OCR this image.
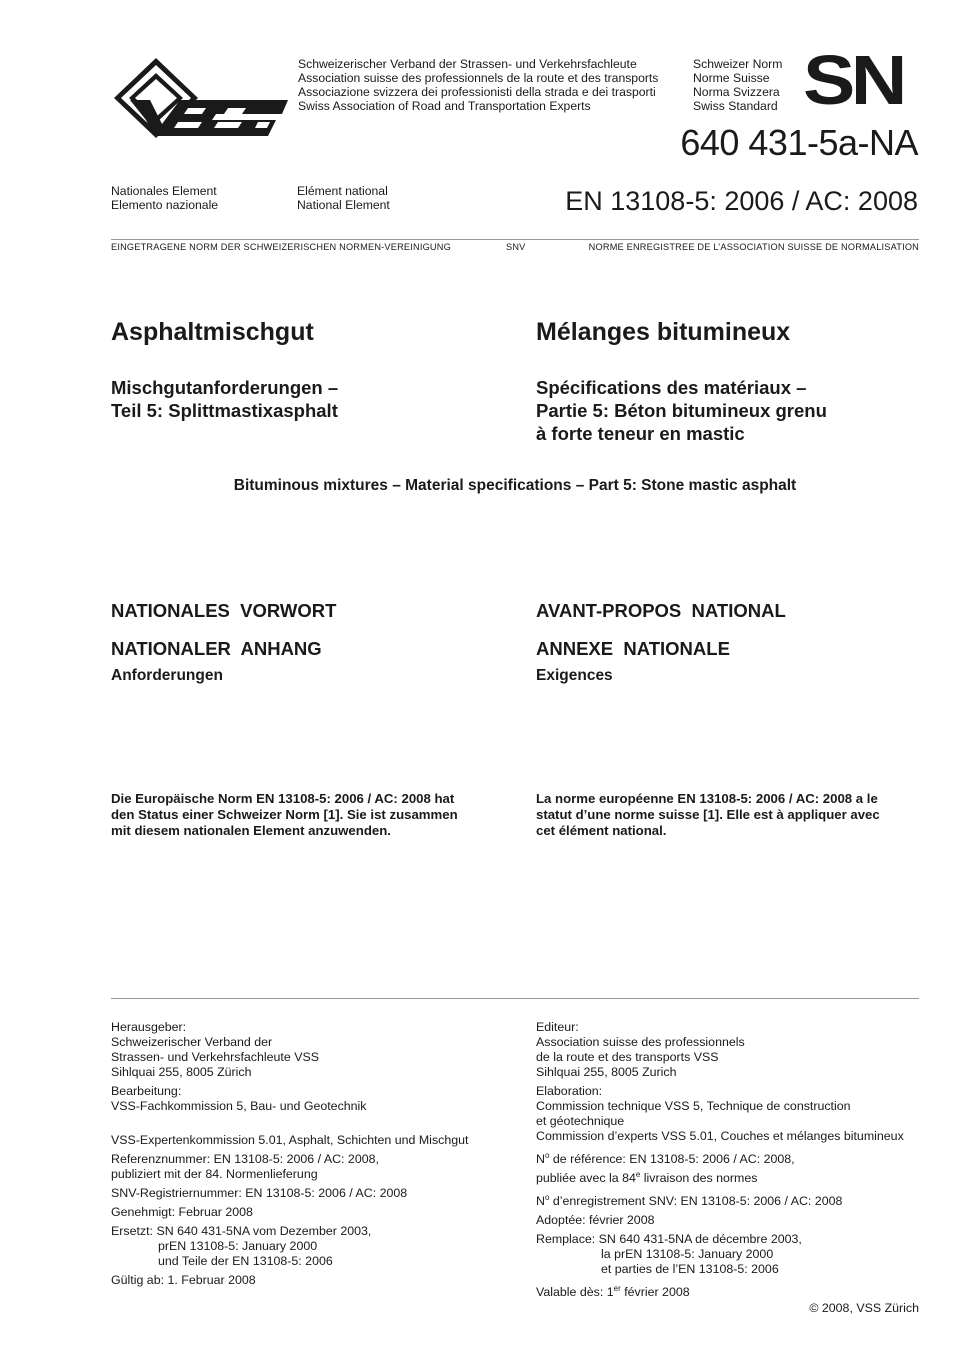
Schweizerischer Verband der Strassen- und Verkehrsfachleute
Association suisse des professionnels de la route et des transports
Associazione svizzera dei professionisti della strada e dei trasporti
Swiss Association of Road and Transportation Experts
Schweizer Norm
Norme Suisse
Norma Svizzera
Swiss Standard SN
640 431-5a-NA
Nationales Element
Elemento nazionale
Elément national
National Element	EN 13108-5: 2006 / AC: 2008
EINGETRAGENE NORM DER SCHWEIZERISCHEN NORMEN-VEREINIGUNG	SNV	NORME ENREGISTREE DE L’ASSOCIATION SUISSE DE NORMALISATION
Asphaltmischgut	Mélanges bitumineux
Mischgutanforderungen –
Teil 5: Splittmastixasphalt
Spécifications des matériaux –
Partie 5: Béton bitumineux grenu
à forte teneur en mastic
Bituminous mixtures – Material specifications – Part 5: Stone mastic asphalt
NATIONALES  VORWORT	AVANT-PROPOS  NATIONAL
NATIONALER  ANHANG	ANNEXE  NATIONALE
Anforderungen	Exigences

Die Europäische Norm EN 13108-5: 2006 / AC: 2008 hat

den Status einer Schweizer Norm [1]. Sie ist zusammen

mit diesem nationalen Element anzuwenden.

La norme européenne EN 13108-5: 2006 / AC: 2008 a le

statut d’une norme suisse [1]. Elle est à appliquer avec

cet élément national.

Herausgeber:

Schweizerischer Verband der

Strassen- und Verkehrsfachleute VSS

Sihlquai 255, 8005 Zürich

Bearbeitung:

VSS-Fachkommission 5, Bau- und Geotechnik

VSS-Expertenkommission 5.01, Asphalt, Schichten und Mischgut

Referenznummer: EN 13108-5: 2006 / AC: 2008,

publiziert mit der 84. Normenlieferung

SNV-Registriernummer: EN 13108-5: 2006 / AC: 2008

Genehmigt: Februar 2008

Ersetzt: SN 640 431-5NA vom Dezember 2003,

prEN 13108-5: January 2000

und Teile der EN 13108-5: 2006

Gültig ab: 1. Februar 2008

Editeur:

Association suisse des professionnels

de la route et des transports VSS

Sihlquai 255, 8005 Zurich

Elaboration:

Commission technique VSS 5, Technique de construction

et géotechnique

Commission d’experts VSS 5.01, Couches et mélanges bitumineux

$N^o$ de référence: EN 13108-5: 2006 / AC: 2008,

publiée avec la 84e livraison des normes

$N^o$ d’enregistrement SNV: EN 13108-5: 2006 / AC: 2008

Adoptée: février 2008

Remplace: SN 640 431-5NA de décembre 2003,

la prEN 13108-5: January 2000

et parties de l’EN 13108-5: 2006

Valable dès: 1er février 2008

© 2008, VSS Zürich
